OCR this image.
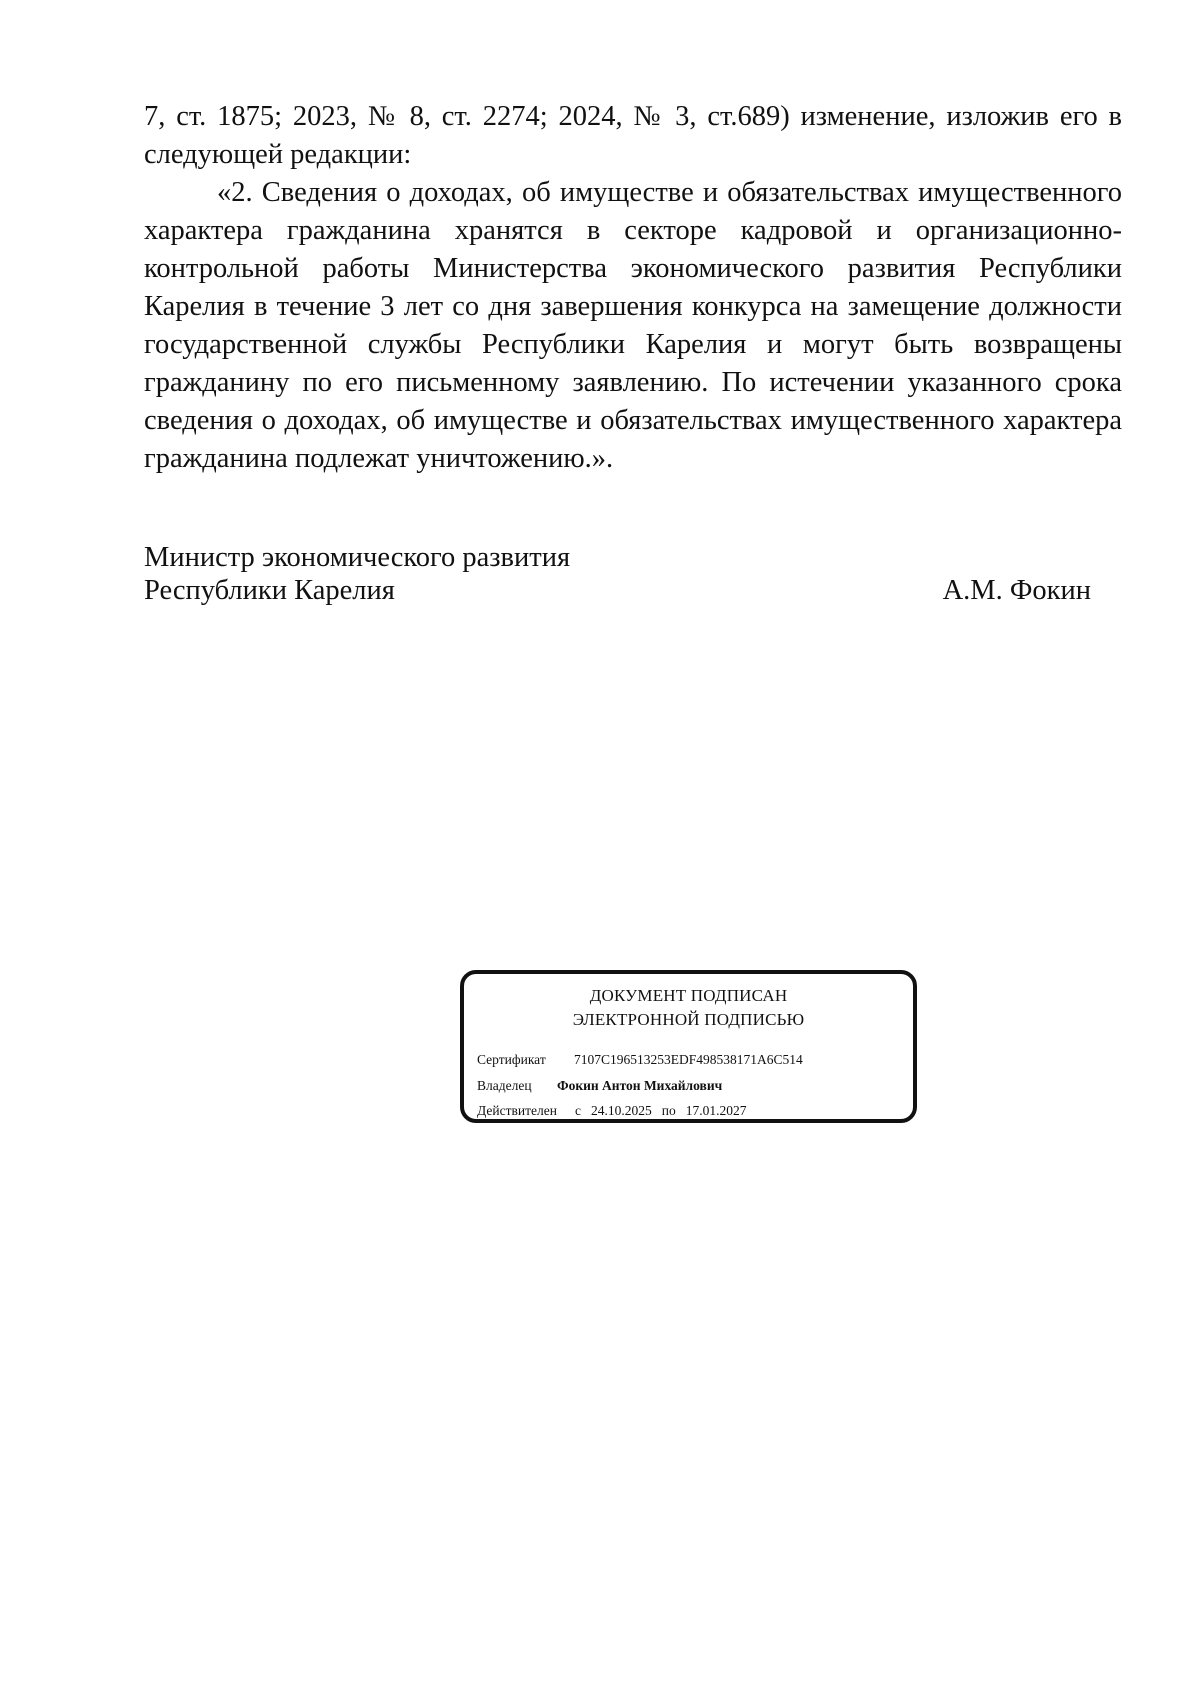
7, ст. 1875; 2023, № 8, ст. 2274; 2024, № 3, ст.689) изменение, изложив его в следующей редакции:

«2. Сведения о доходах, об имуществе и обязательствах имущественного характера гражданина хранятся в секторе кадровой и организационно-контрольной работы Министерства экономического развития Республики Карелия в течение 3 лет со дня завершения конкурса на замещение должности государственной службы Республики Карелия и могут быть возвращены гражданину по его письменному заявлению. По истечении указанного срока сведения о доходах, об имуществе и обязательствах имущественного характера гражданина подлежат уничтожению.».

Министр экономического развития
Республики Карелия	А.М. Фокин
ДОКУМЕНТ ПОДПИСАН
ЭЛЕКТРОННОЙ ПОДПИСЬЮ
Сертификат 7107C196513253EDF498538171A6C514
Владелец Фокин Антон Михайлович
Действителен с 24.10.2025 по 17.01.2027
